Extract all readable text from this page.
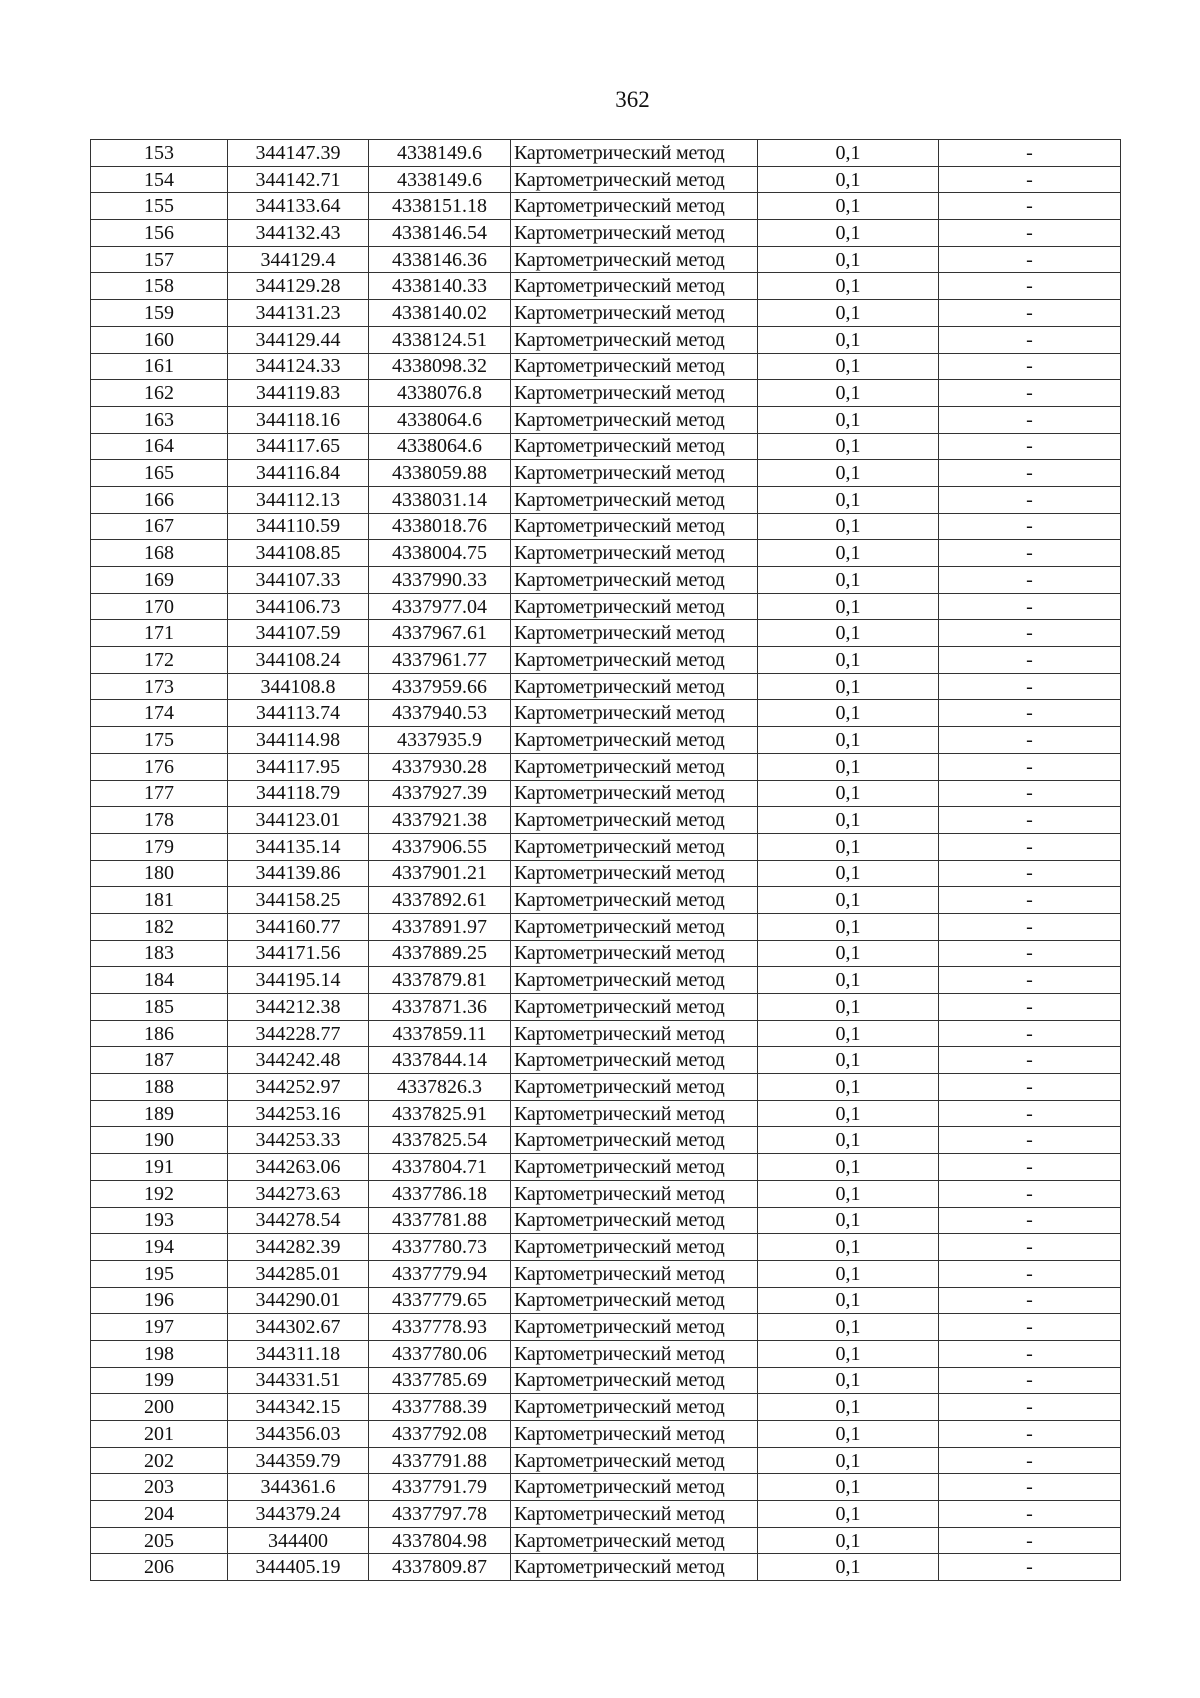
362
153	344147.39	4338149.6	Картометрический метод	0,1	-
154	344142.71	4338149.6	Картометрический метод	0,1	-
155	344133.64	4338151.18	Картометрический метод	0,1	-
156	344132.43	4338146.54	Картометрический метод	0,1	-
157	344129.4	4338146.36	Картометрический метод	0,1	-
158	344129.28	4338140.33	Картометрический метод	0,1	-
159	344131.23	4338140.02	Картометрический метод	0,1	-
160	344129.44	4338124.51	Картометрический метод	0,1	-
161	344124.33	4338098.32	Картометрический метод	0,1	-
162	344119.83	4338076.8	Картометрический метод	0,1	-
163	344118.16	4338064.6	Картометрический метод	0,1	-
164	344117.65	4338064.6	Картометрический метод	0,1	-
165	344116.84	4338059.88	Картометрический метод	0,1	-
166	344112.13	4338031.14	Картометрический метод	0,1	-
167	344110.59	4338018.76	Картометрический метод	0,1	-
168	344108.85	4338004.75	Картометрический метод	0,1	-
169	344107.33	4337990.33	Картометрический метод	0,1	-
170	344106.73	4337977.04	Картометрический метод	0,1	-
171	344107.59	4337967.61	Картометрический метод	0,1	-
172	344108.24	4337961.77	Картометрический метод	0,1	-
173	344108.8	4337959.66	Картометрический метод	0,1	-
174	344113.74	4337940.53	Картометрический метод	0,1	-
175	344114.98	4337935.9	Картометрический метод	0,1	-
176	344117.95	4337930.28	Картометрический метод	0,1	-
177	344118.79	4337927.39	Картометрический метод	0,1	-
178	344123.01	4337921.38	Картометрический метод	0,1	-
179	344135.14	4337906.55	Картометрический метод	0,1	-
180	344139.86	4337901.21	Картометрический метод	0,1	-
181	344158.25	4337892.61	Картометрический метод	0,1	-
182	344160.77	4337891.97	Картометрический метод	0,1	-
183	344171.56	4337889.25	Картометрический метод	0,1	-
184	344195.14	4337879.81	Картометрический метод	0,1	-
185	344212.38	4337871.36	Картометрический метод	0,1	-
186	344228.77	4337859.11	Картометрический метод	0,1	-
187	344242.48	4337844.14	Картометрический метод	0,1	-
188	344252.97	4337826.3	Картометрический метод	0,1	-
189	344253.16	4337825.91	Картометрический метод	0,1	-
190	344253.33	4337825.54	Картометрический метод	0,1	-
191	344263.06	4337804.71	Картометрический метод	0,1	-
192	344273.63	4337786.18	Картометрический метод	0,1	-
193	344278.54	4337781.88	Картометрический метод	0,1	-
194	344282.39	4337780.73	Картометрический метод	0,1	-
195	344285.01	4337779.94	Картометрический метод	0,1	-
196	344290.01	4337779.65	Картометрический метод	0,1	-
197	344302.67	4337778.93	Картометрический метод	0,1	-
198	344311.18	4337780.06	Картометрический метод	0,1	-
199	344331.51	4337785.69	Картометрический метод	0,1	-
200	344342.15	4337788.39	Картометрический метод	0,1	-
201	344356.03	4337792.08	Картометрический метод	0,1	-
202	344359.79	4337791.88	Картометрический метод	0,1	-
203	344361.6	4337791.79	Картометрический метод	0,1	-
204	344379.24	4337797.78	Картометрический метод	0,1	-
205	344400	4337804.98	Картометрический метод	0,1	-
206	344405.19	4337809.87	Картометрический метод	0,1	-
